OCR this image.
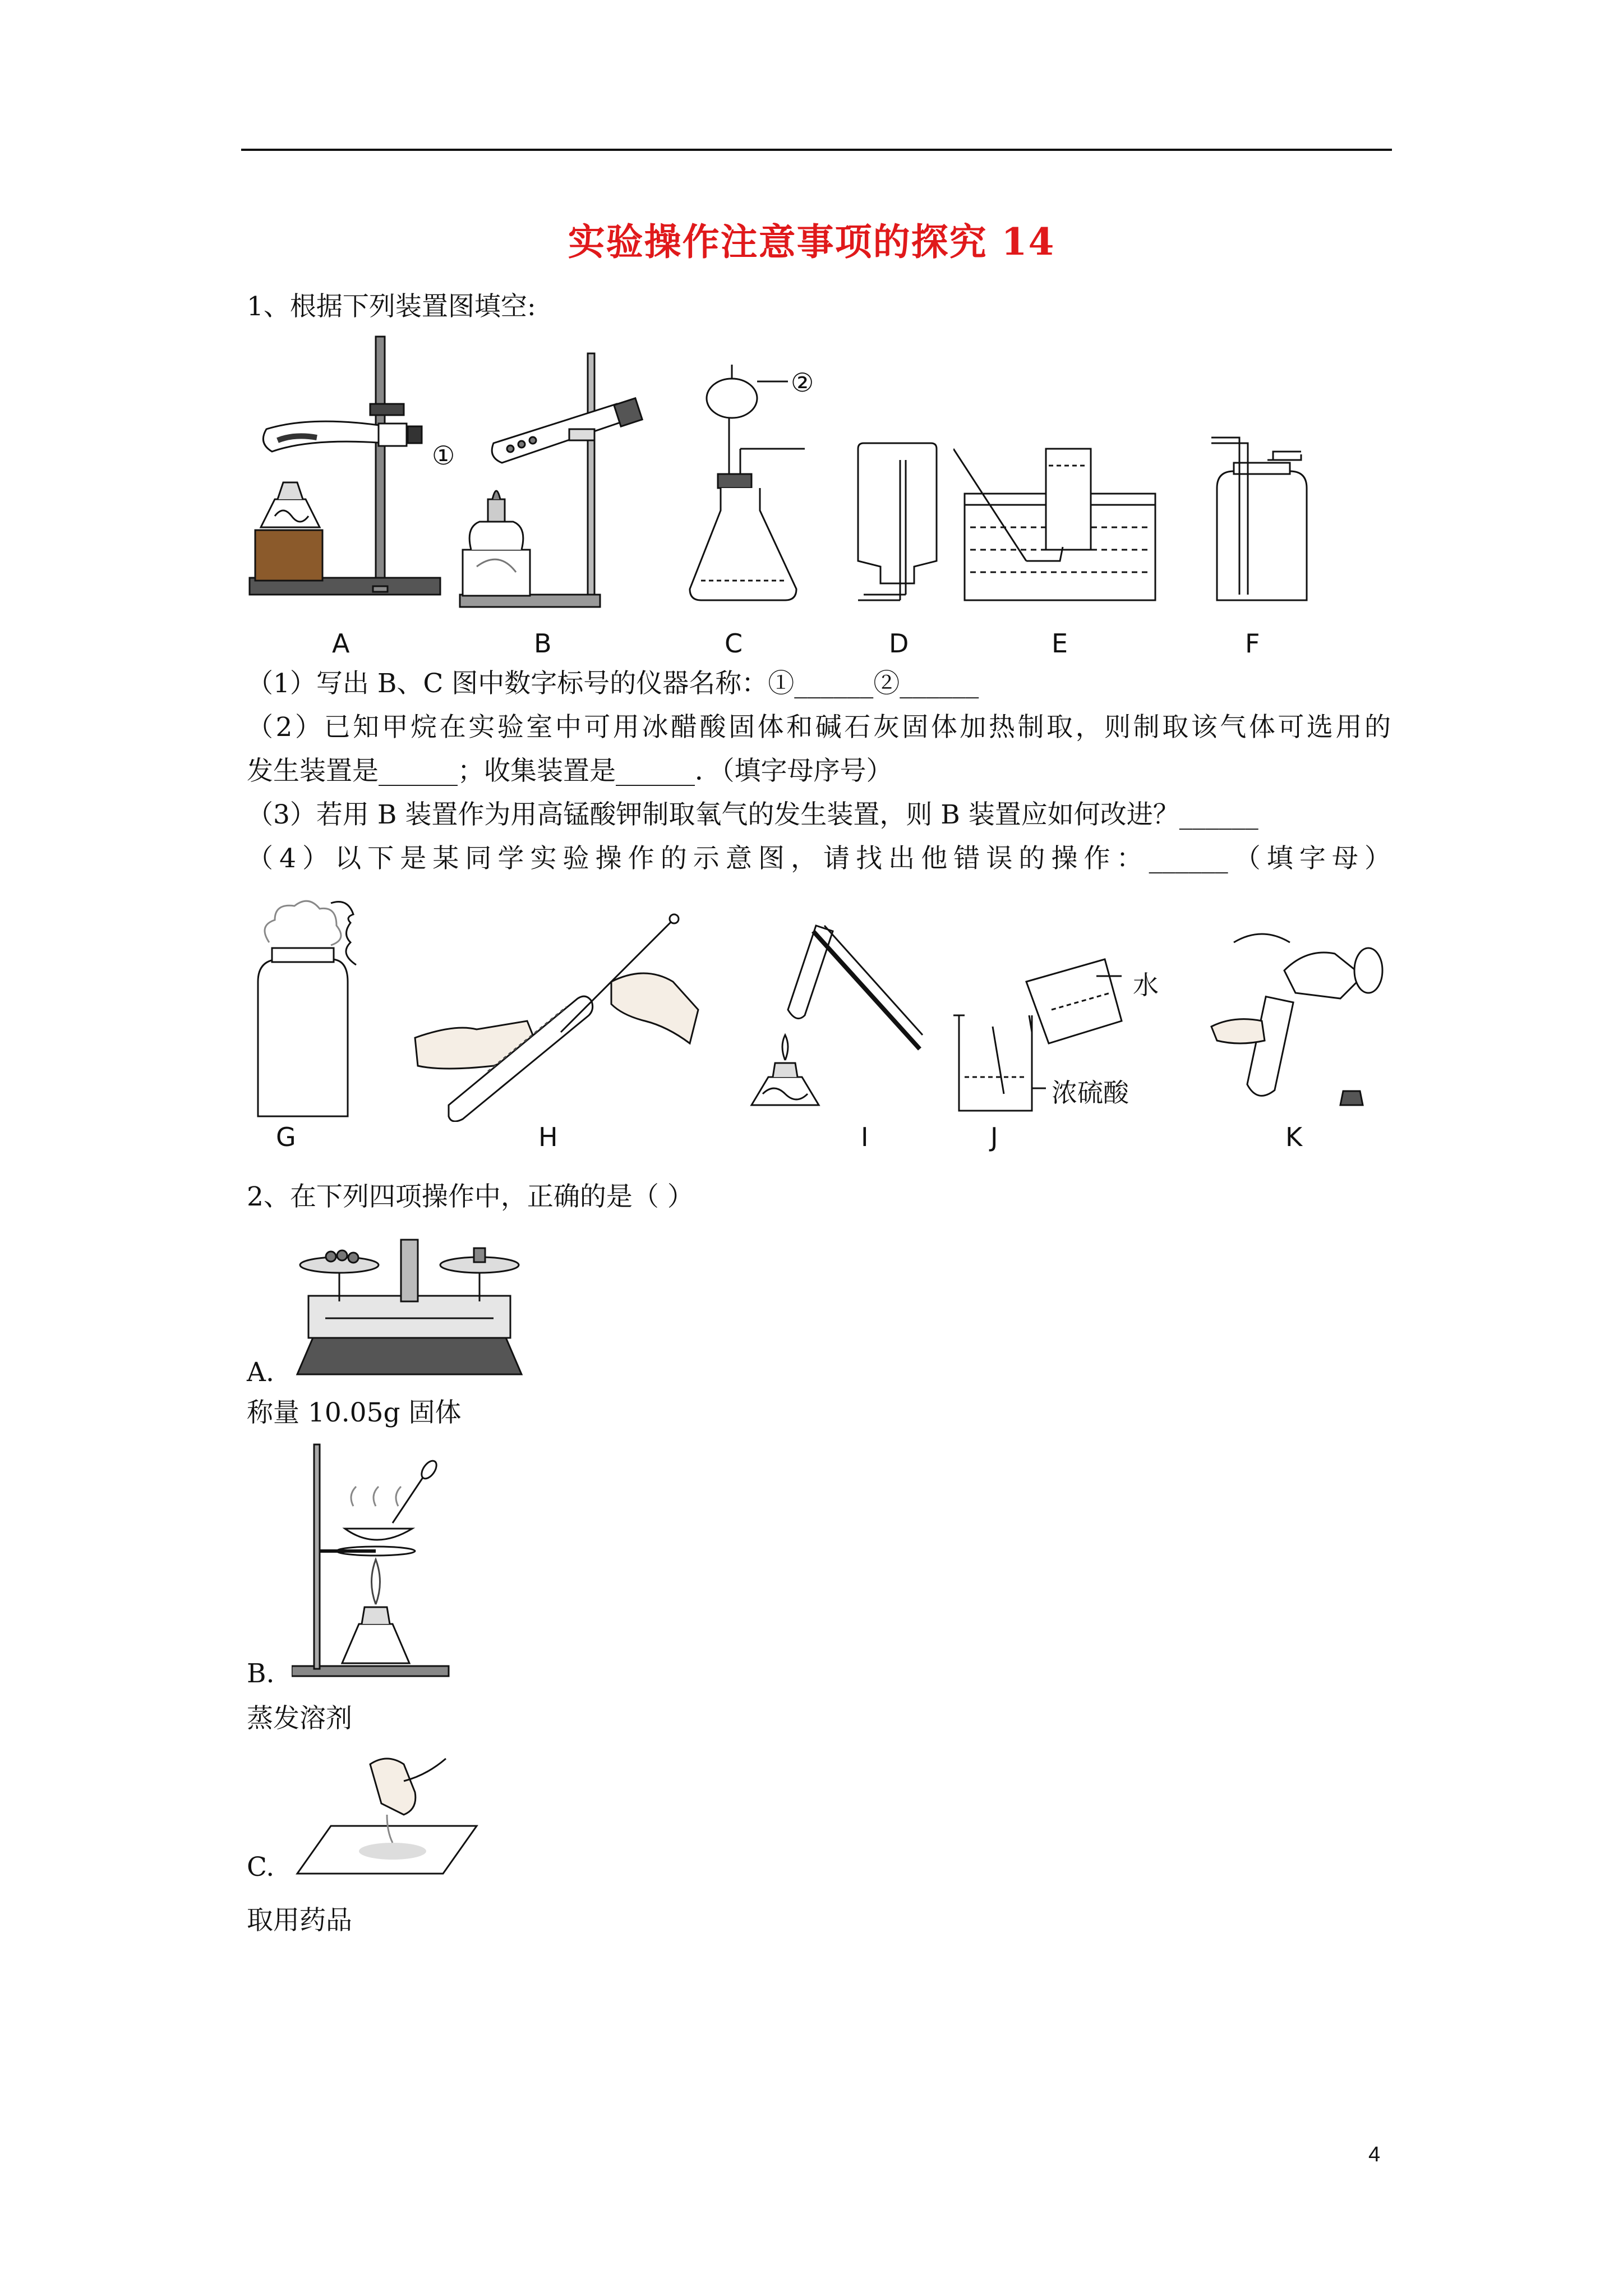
实验操作注意事项的探究 14
1、根据下列装置图填空:
A
①
B
②
C	D	E	F
（1）写出 B、C 图中数字标号的仪器名称：①______②______
（2）已知甲烷在实验室中可用冰醋酸固体和碱石灰固体加热制取，则制取该气体可选用的
发生装置是______；收集装置是______．（填字母序号）
（3）若用 B 装置作为用高锰酸钾制取氧气的发生装置，则 B 装置应如何改进？______
（4）以下是某同学实验操作的示意图，请找出他错误的操作：______（填字母）
G	H	I
水
浓硫酸
J	K
2、在下列四项操作中，正确的是（ ）
A.
称量 10.05g 固体
B.
蒸发溶剂
C.
取用药品
4
